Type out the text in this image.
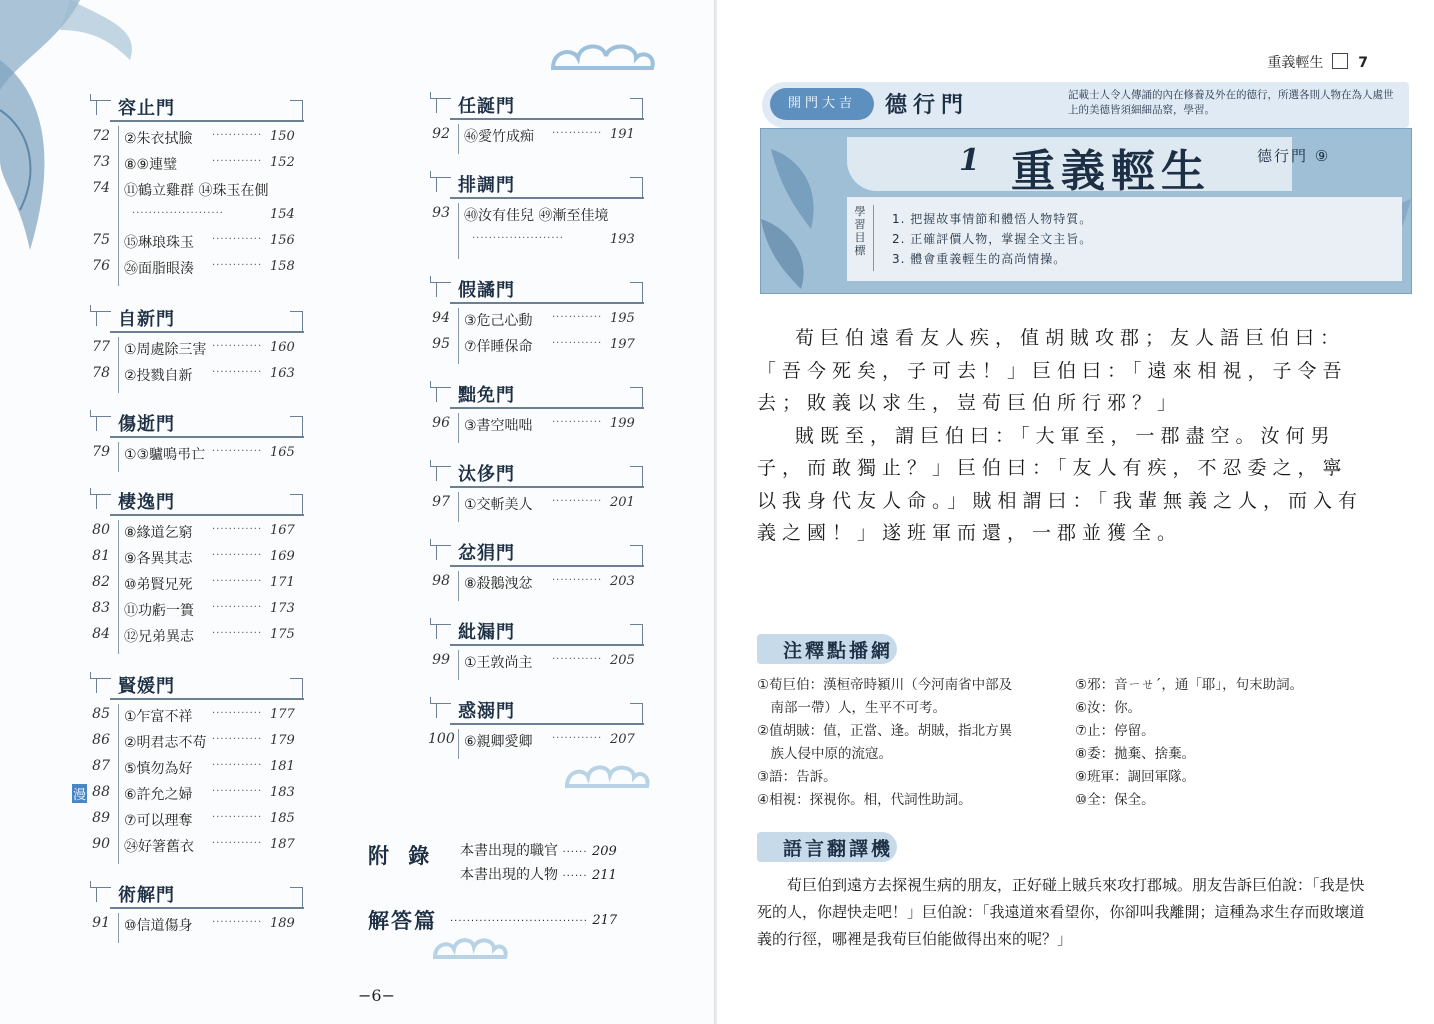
容止門
72 ②朱衣拭臉 ············ 150
73 ⑧⑨連璧	············ 152
74 ⑪鶴立雞群 ⑭珠玉在側
······················	154
75 ⑮琳琅珠玉 ············ 156
76 ㉖面脂眼湊 ············ 158
自新門
77 ①周處除三害 ············ 160
78 ②投戮自新 ············ 163
傷逝門
79 ①③驢鳴弔亡 ············ 165
棲逸門
80 ⑧緣道乞窮 ············ 167
81 ⑨各異其志 ············ 169
82 ⑩弟賢兄死 ············ 171
83 ⑪功虧一簣 ············ 173
84 ⑫兄弟異志 ············ 175
賢媛門
85 ①乍富不祥 ············ 177
86 ②明君志不苟 ············ 179
87 ⑤慎勿為好 ············ 181
88 ⑥許允之婦 ············ 183
漫
89 ⑦可以理奪 ············ 185
90 ㉔好箸舊衣 ············ 187
術解門
91 ⑩信道傷身 ············ 189
任誕門
92 ㊻愛竹成痴 ············ 191
排調門
93 ㊵汝有佳兒 ㊾漸至佳境
······················	193
假譎門
94 ③危己心動 ············ 195
95 ⑦佯睡保命 ············ 197
黜免門
96 ③書空咄咄 ············ 199
汰侈門
97 ①交斬美人 ············ 201
忿狷門
98 ⑧殺鵝洩忿 ············ 203
紕漏門
99 ①王敦尚主 ············ 205
惑溺門
100 ⑥親卿愛卿 ············ 207
附 錄 本書出現的職官 ······ 209
本書出現的人物 ······ 211
解答篇 ································· 217
−6−
重義輕生 7
開門大吉	德行門	記載士人令人傳誦的內在修養及外在的德行，所選各則人物在為人處世上的美德皆須細細品察，學習。
1 重義輕生	德行門 ⑨
學習目標
1. 把握故事情節和體悟人物特質。
2. 正確評價人物，掌握全文主旨。
3. 體會重義輕生的高尚情操。

荀巨伯遠看友人疾，值胡賊攻郡；友人語巨伯曰：「吾今死矣，子可去！」巨伯曰：「遠來相視，子令吾去；敗義以求生，豈荀巨伯所行邪？」

賊既至，謂巨伯曰：「大軍至，一郡盡空。汝何男子，而敢獨止？」巨伯曰：「友人有疾，不忍委之，寧以我身代友人命。」賊相謂曰：「我輩無義之人，而入有義之國！」遂班軍而還，一郡並獲全。

注釋點播網
①荀巨伯：漢桓帝時潁川（今河南省中部及
　南部一帶）人，生平不可考。
②值胡賊：值，正當、逢。胡賊，指北方異
　族人侵中原的流寇。
③語：告訴。
④相視：探視你。相，代詞性助詞。
⑤邪：音ㄧㄝˊ，通「耶」，句末助詞。
⑥汝：你。
⑦止：停留。
⑧委：拋棄、捨棄。
⑨班軍：調回軍隊。
⑩全：保全。
語言翻譯機

荀巨伯到遠方去探視生病的朋友，正好碰上賊兵來攻打郡城。朋友告訴巨伯說：「我是快死的人，你趕快走吧！」巨伯說：「我遠道來看望你，你卻叫我離開；這種為求生存而敗壞道義的行徑，哪裡是我荀巨伯能做得出來的呢？」
